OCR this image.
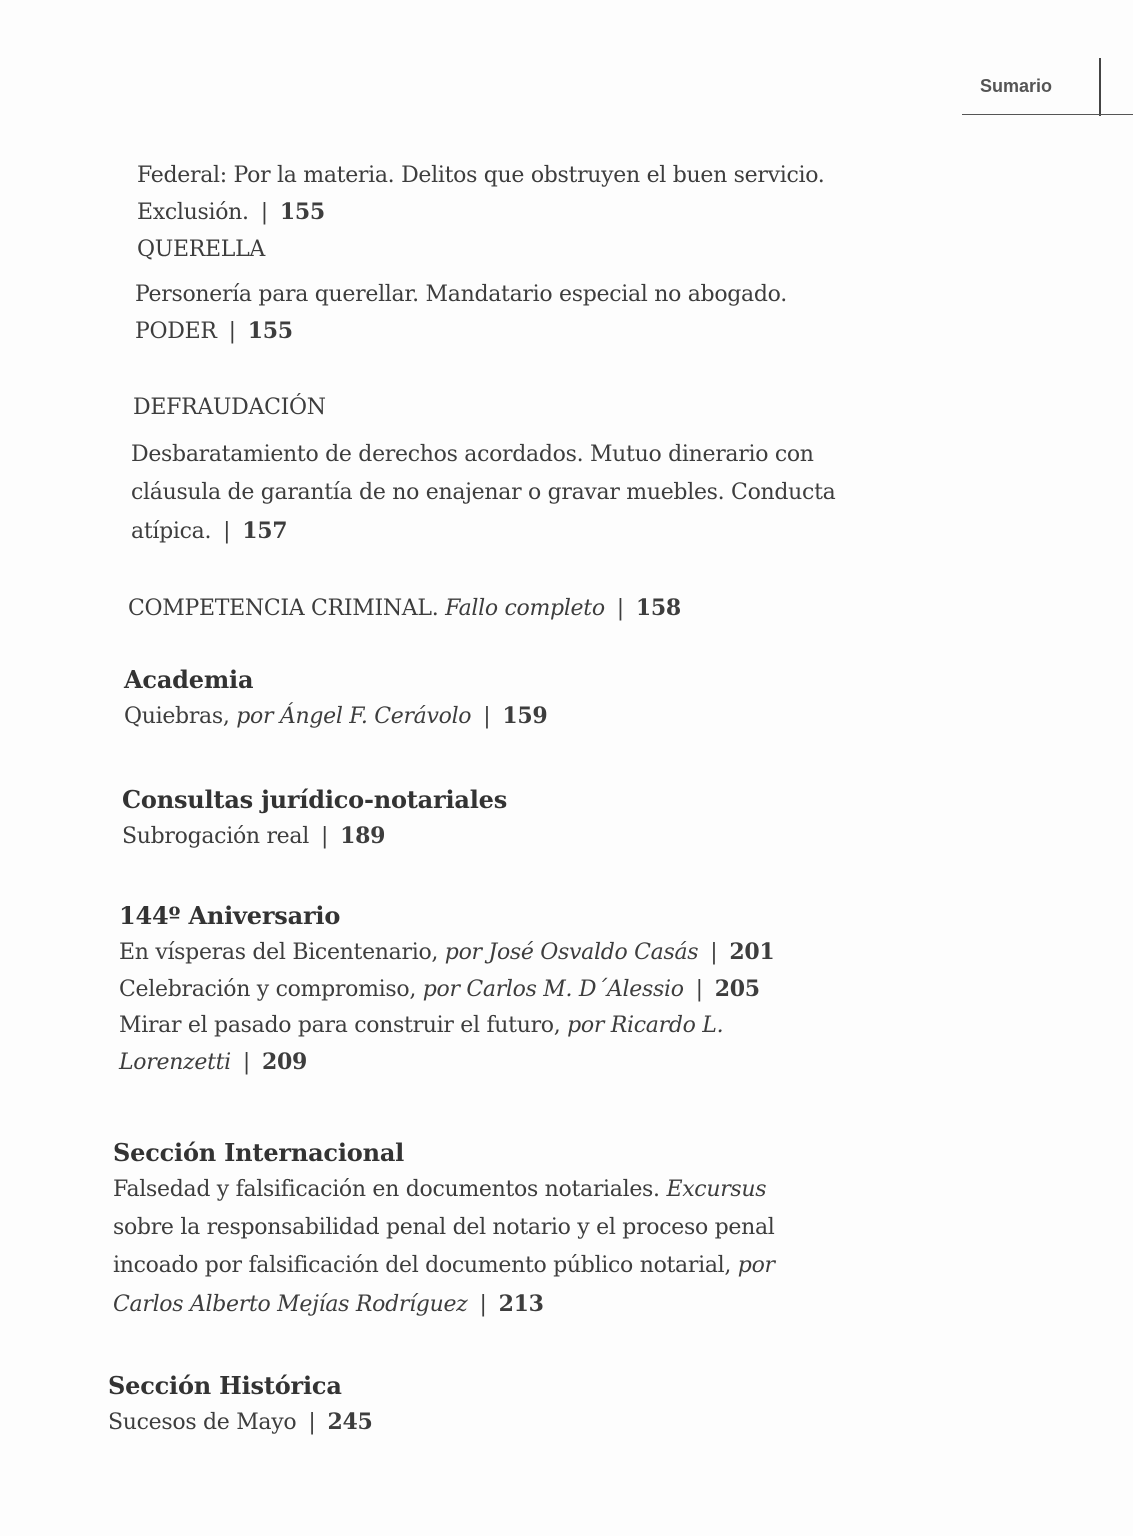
Sumario
Federal: Por la materia. Delitos que obstruyen el buen servicio.
Exclusión. | 155
QUERELLA
Personería para querellar. Mandatario especial no abogado.
PODER | 155
DEFRAUDACIÓN
Desbaratamiento de derechos acordados. Mutuo dinerario con
cláusula de garantía de no enajenar o gravar muebles. Conducta
atípica. | 157
COMPETENCIA CRIMINAL. Fallo completo | 158
Academia
Quiebras, por Ángel F. Cerávolo | 159
Consultas jurídico-notariales
Subrogación real | 189
144º Aniversario
En vísperas del Bicentenario, por José Osvaldo Casás | 201
Celebración y compromiso, por Carlos M. D´Alessio | 205
Mirar el pasado para construir el futuro, por Ricardo L.
Lorenzetti | 209
Sección Internacional
Falsedad y falsificación en documentos notariales. Excursus
sobre la responsabilidad penal del notario y el proceso penal
incoado por falsificación del documento público notarial, por
Carlos Alberto Mejías Rodríguez | 213
Sección Histórica
Sucesos de Mayo | 245
